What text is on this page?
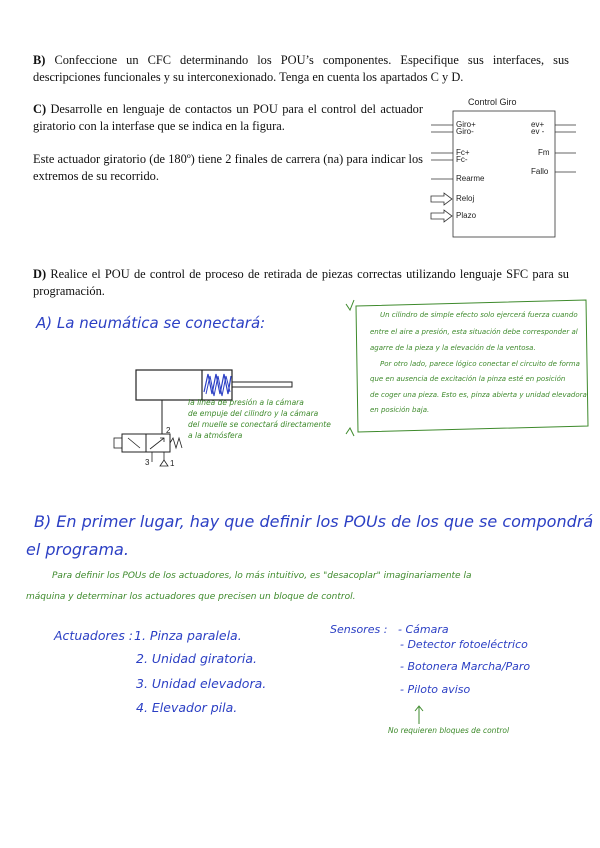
B) Confeccione un CFC determinando los POU’s componentes. Especifique sus interfaces, sus descripciones funcionales y su interconexionado. Tenga en cuenta los apartados C y D.
C) Desarrolle en lenguaje de contactos un POU para el control del actuador giratorio con la interfase que se indica en la figura.
Este actuador giratorio (de 180º) tiene 2 finales de carrera (na) para indicar los extremos de su recorrido.
Control Giro
Giro+
Giro-
Fc+
Fc-
Rearme
Reloj
Plazo
ev+
ev -
Fm
Fallo
D) Realice el POU de control de proceso de retirada de piezas correctas utilizando lenguaje SFC para su programación.
A) La neumática se conectará:
2
3	1
la línea de presión a la cámara
de empuje del cilindro y la cámara
del muelle se conectará directamente
a la atmósfera
Un cilindro de simple efecto solo ejercerá fuerza cuando
entre el aire a presión, esta situación debe corresponder al
agarre de la pieza y la elevación de la ventosa.
Por otro lado, parece lógico conectar el circuito de forma
que en ausencia de excitación la pinza esté en posición
de coger una pieza. Esto es, pinza abierta y unidad elevadora
en posición baja.
B) En primer lugar, hay que definir los POUs de los que se compondrá
el programa.
Para definir los POUs de los actuadores, lo más intuitivo, es "desacoplar" imaginariamente la
máquina y determinar los actuadores que precisen un bloque de control.
Actuadores : 1. Pinza paralela.
2. Unidad giratoria.
3. Unidad elevadora.
4. Elevador pila.
Sensores : - Cámara
- Detector fotoeléctrico
- Botonera Marcha/Paro
- Piloto aviso
No requieren bloques de control
